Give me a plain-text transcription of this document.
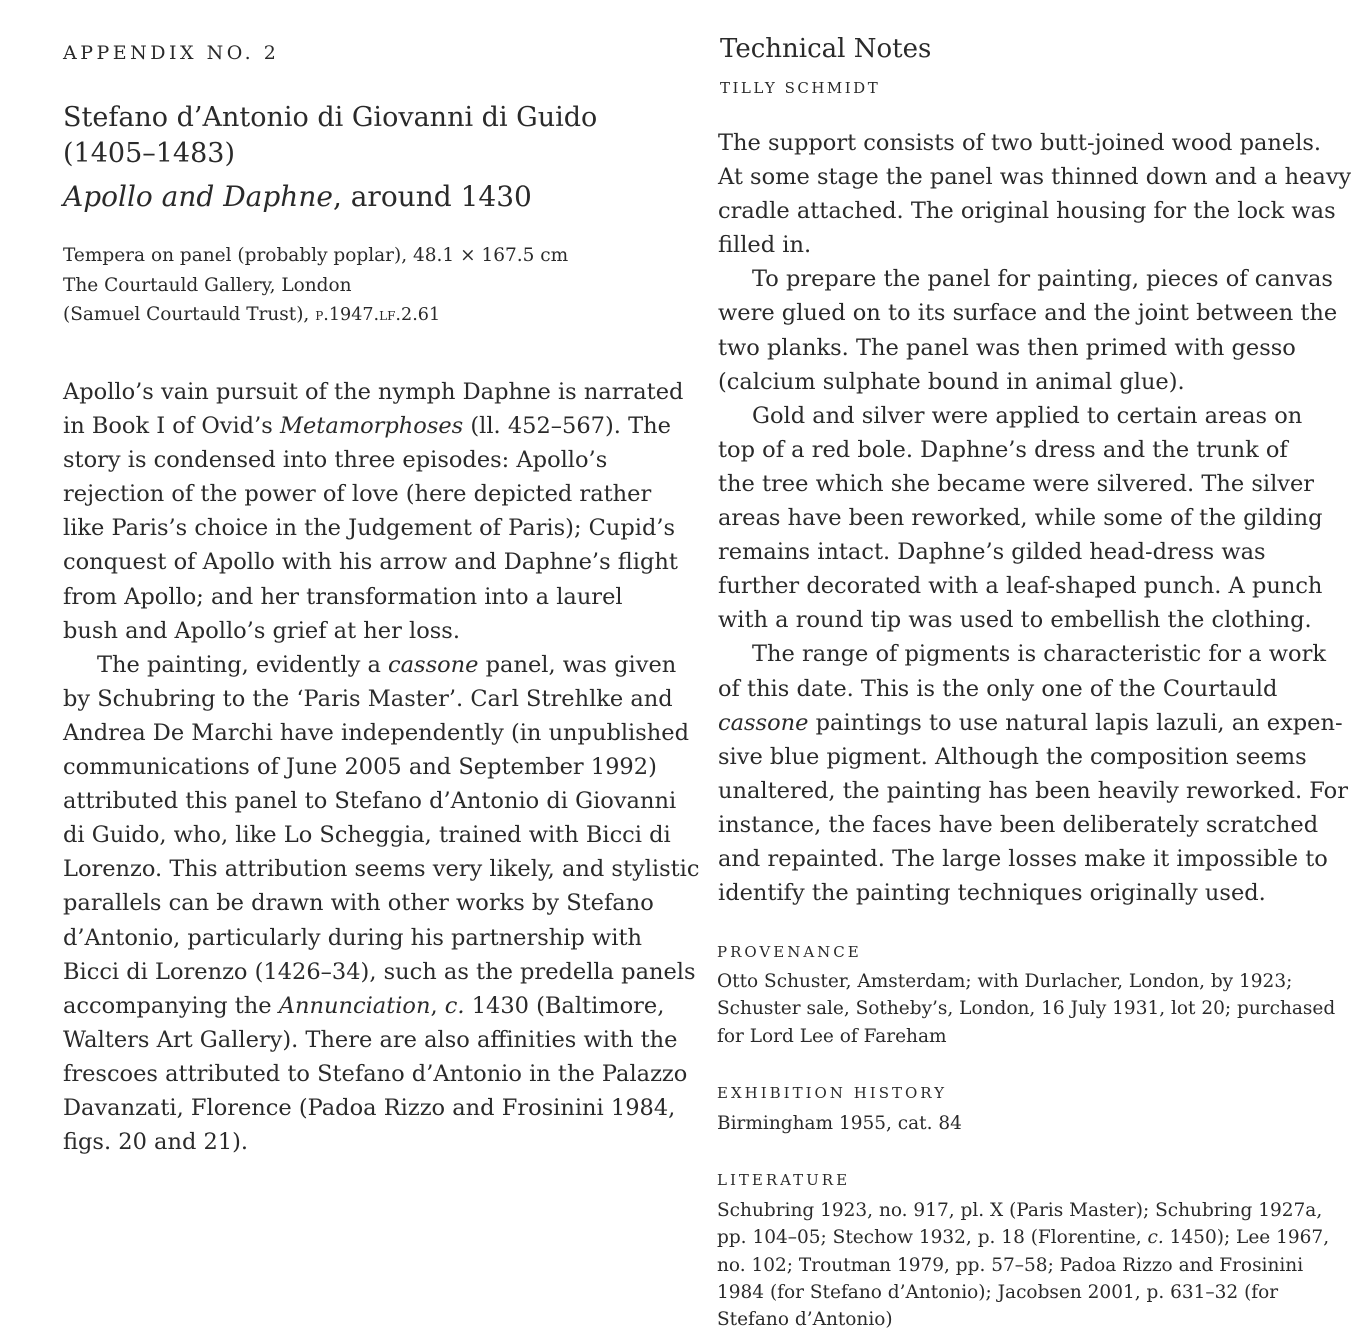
APPENDIX NO. 2
Stefano d’Antonio di Giovanni di Guido
(1405–1483)
Apollo and Daphne, around 1430
Tempera on panel (probably poplar), 48.1 × 167.5 cm
The Courtauld Gallery, London
(Samuel Courtauld Trust), p.1947.lf.2.61
Apollo’s vain pursuit of the nymph Daphne is narrated
in Book I of Ovid’s Metamorphoses (ll. 452–567). The
story is condensed into three episodes: Apollo’s
rejection of the power of love (here depicted rather
like Paris’s choice in the Judgement of Paris); Cupid’s
conquest of Apollo with his arrow and Daphne’s flight
from Apollo; and her transformation into a laurel
bush and Apollo’s grief at her loss.
The painting, evidently a cassone panel, was given
by Schubring to the ‘Paris Master’. Carl Strehlke and
Andrea De Marchi have independently (in unpublished
communications of June 2005 and September 1992)
attributed this panel to Stefano d’Antonio di Giovanni
di Guido, who, like Lo Scheggia, trained with Bicci di
Lorenzo. This attribution seems very likely, and stylistic
parallels can be drawn with other works by Stefano
d’Antonio, particularly during his partnership with
Bicci di Lorenzo (1426–34), such as the predella panels
accompanying the Annunciation, c. 1430 (Baltimore,
Walters Art Gallery). There are also affinities with the
frescoes attributed to Stefano d’Antonio in the Palazzo
Davanzati, Florence (Padoa Rizzo and Frosinini 1984,
figs. 20 and 21).
Technical Notes
TILLY SCHMIDT
The support consists of two butt-joined wood panels.
At some stage the panel was thinned down and a heavy
cradle attached. The original housing for the lock was
filled in.
To prepare the panel for painting, pieces of canvas
were glued on to its surface and the joint between the
two planks. The panel was then primed with gesso
(calcium sulphate bound in animal glue).
Gold and silver were applied to certain areas on
top of a red bole. Daphne’s dress and the trunk of
the tree which she became were silvered. The silver
areas have been reworked, while some of the gilding
remains intact. Daphne’s gilded head-dress was
further decorated with a leaf-shaped punch. A punch
with a round tip was used to embellish the clothing.
The range of pigments is characteristic for a work
of this date. This is the only one of the Courtauld
cassone paintings to use natural lapis lazuli, an expen-
sive blue pigment. Although the composition seems
unaltered, the painting has been heavily reworked. For
instance, the faces have been deliberately scratched
and repainted. The large losses make it impossible to
identify the painting techniques originally used.
PROVENANCE
Otto Schuster, Amsterdam; with Durlacher, London, by 1923;
Schuster sale, Sotheby’s, London, 16 July 1931, lot 20; purchased
for Lord Lee of Fareham
EXHIBITION HISTORY
Birmingham 1955, cat. 84
LITERATURE
Schubring 1923, no. 917, pl. X (Paris Master); Schubring 1927a,
pp. 104–05; Stechow 1932, p. 18 (Florentine, c. 1450); Lee 1967,
no. 102; Troutman 1979, pp. 57–58; Padoa Rizzo and Frosinini
1984 (for Stefano d’Antonio); Jacobsen 2001, p. 631–32 (for
Stefano d’Antonio)
